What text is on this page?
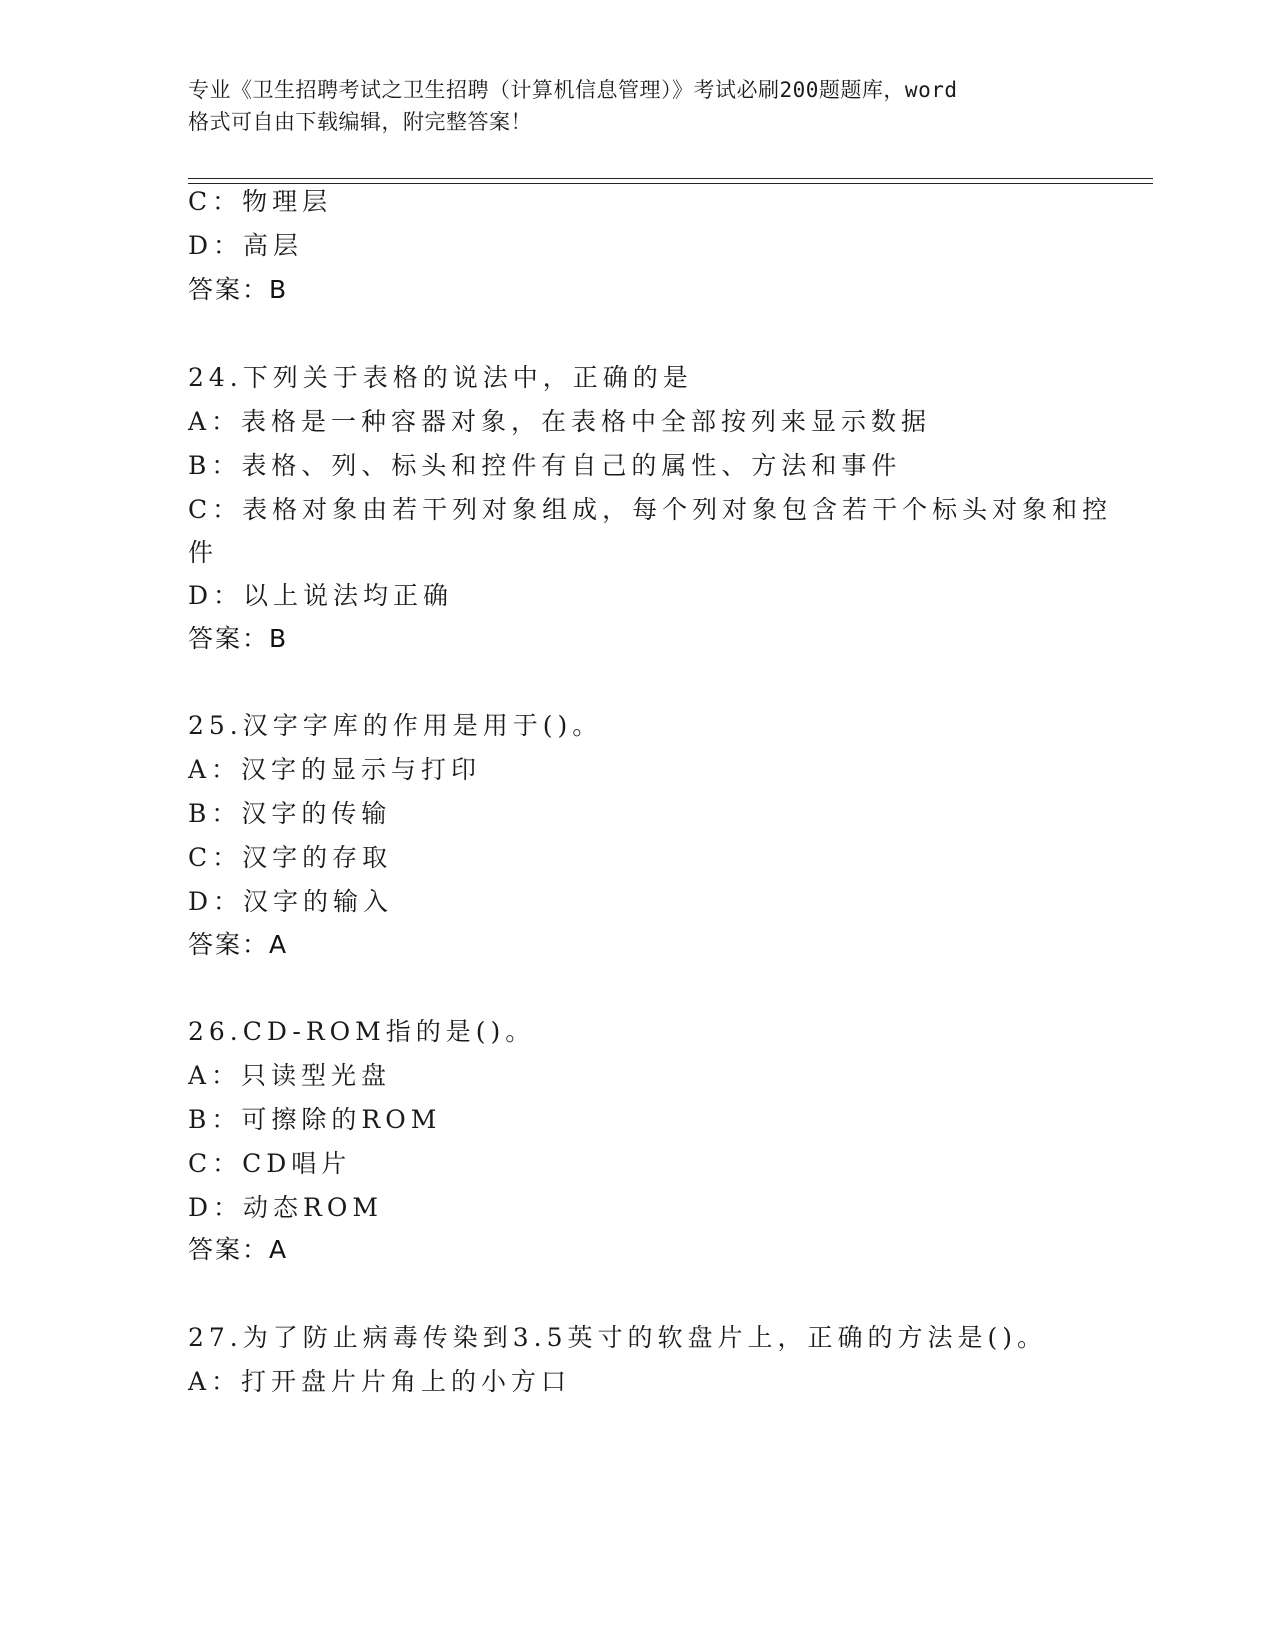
专业《卫生招聘考试之卫生招聘（计算机信息管理）》考试必刷200题题库，word
格式可自由下载编辑，附完整答案！
C：物理层
D：高层
答案：B
24.下列关于表格的说法中，正确的是
A：表格是一种容器对象，在表格中全部按列来显示数据
B：表格、列、标头和控件有自己的属性、方法和事件
C：表格对象由若干列对象组成，每个列对象包含若干个标头对象和控
件
D：以上说法均正确
答案：B
25.汉字字库的作用是用于()。
A：汉字的显示与打印
B：汉字的传输
C：汉字的存取
D：汉字的输入
答案：A
26.CD-ROM指的是()。
A：只读型光盘
B：可擦除的ROM
C：CD唱片
D：动态ROM
答案：A
27.为了防止病毒传染到3.5英寸的软盘片上，正确的方法是()。
A：打开盘片片角上的小方口
